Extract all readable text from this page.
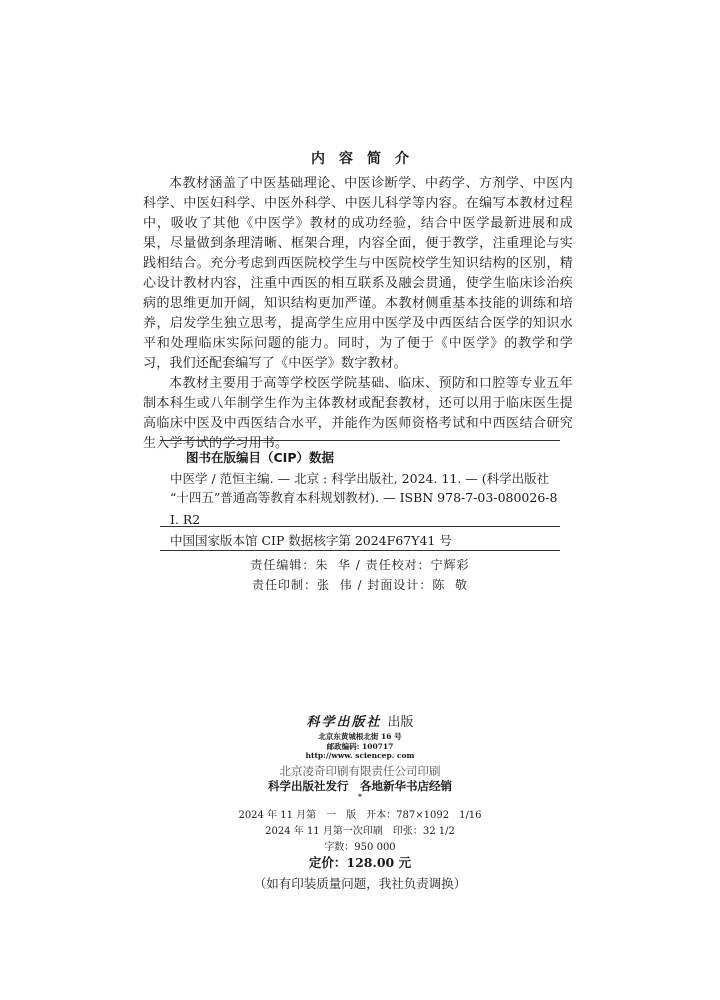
内容简介

本教材涵盖了中医基础理论、中医诊断学、中药学、方剂学、中医内科学、中医妇科学、中医外科学、中医儿科学等内容。在编写本教材过程中，吸收了其他《中医学》教材的成功经验，结合中医学最新进展和成果，尽量做到条理清晰、框架合理，内容全面，便于教学，注重理论与实践相结合。充分考虑到西医院校学生与中医院校学生知识结构的区别，精心设计教材内容，注重中西医的相互联系及融会贯通，使学生临床诊治疾病的思维更加开阔，知识结构更加严谨。本教材侧重基本技能的训练和培养，启发学生独立思考，提高学生应用中医学及中西医结合医学的知识水平和处理临床实际问题的能力。同时，为了便于《中医学》的教学和学习，我们还配套编写了《中医学》数字教材。

本教材主要用于高等学校医学院基础、临床、预防和口腔等专业五年制本科生或八年制学生作为主体教材或配套教材，还可以用于临床医生提高临床中医及中西医结合水平，并能作为医师资格考试和中西医结合研究生入学考试的学习用书。

图书在版编目（CIP）数据
中医学 / 范恒主编. — 北京 : 科学出版社, 2024. 11. — (科学出版社
“十四五”普通高等教育本科规划教材). — ISBN 978-7-03-080026-8
Ⅰ. R2
中国国家版本馆 CIP 数据核字第 2024F67Y41 号
责任编辑：朱  华 / 责任校对：宁辉彩
责任印制：张  伟 / 封面设计：陈  敬
科学出版社 出版
北京东黄城根北街 16 号
邮政编码: 100717
http://www. sciencep. com
北京凌奇印刷有限责任公司印刷
科学出版社发行　各地新华书店经销
*
2024 年 11 月第　一　版　开本：787×1092　1/16
2024 年 11 月第一次印刷　印张：32 1/2
字数：950 000
定价：128.00 元
（如有印装质量问题，我社负责调换）
